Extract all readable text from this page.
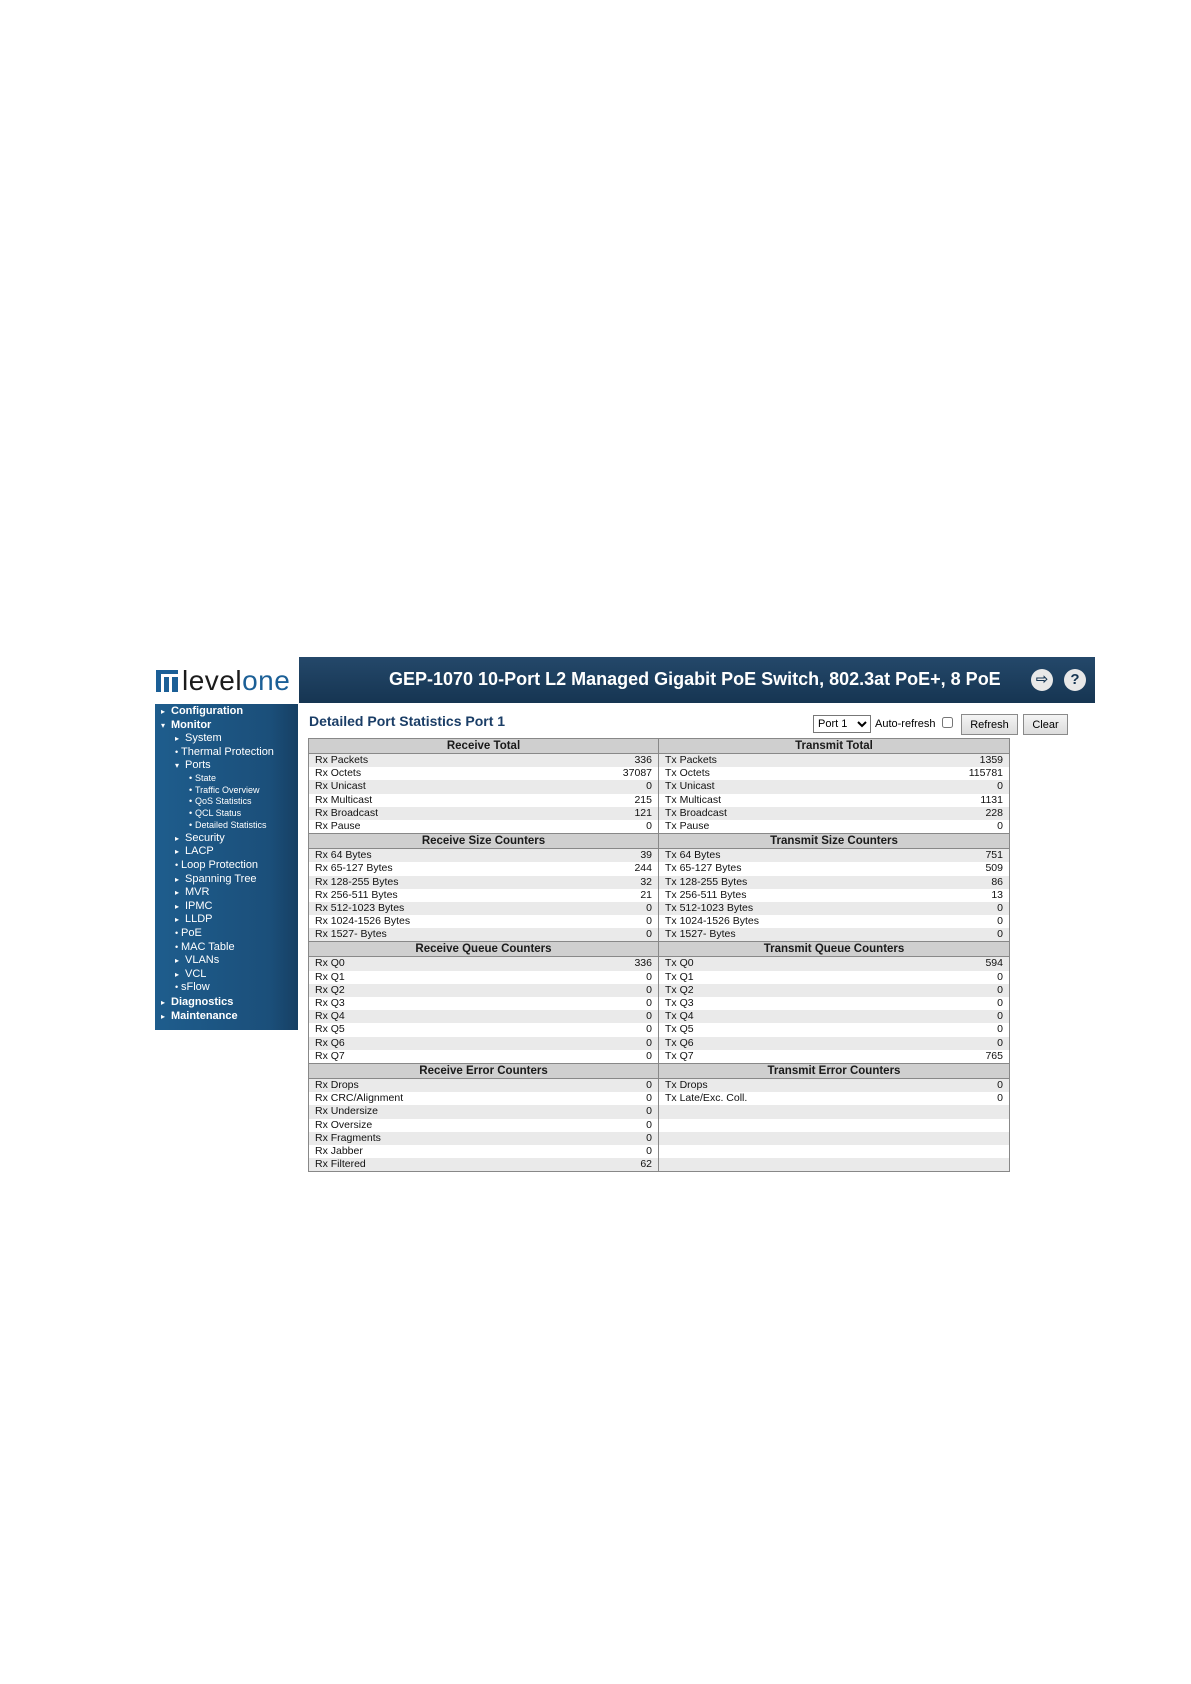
levelone	GEP-1070 10-Port L2 Managed Gigabit PoE Switch, 802.3at PoE+, 8 PoE	⇨	?
▸ Configuration
▾ Monitor
▸ System
• Thermal Protection
▾ Ports
• State
• Traffic Overview
• QoS Statistics
• QCL Status
• Detailed Statistics
▸ Security
▸ LACP
• Loop Protection
▸ Spanning Tree
▸ MVR
▸ IPMC
▸ LLDP
• PoE
• MAC Table
▸ VLANs
▸ VCL
• sFlow
▸ Diagnostics
▸ Maintenance
Detailed Port Statistics Port 1
Port 1	Auto-refresh	Refresh	Clear
Receive Total
Rx Packets	336
Rx Octets	37087
Rx Unicast	0
Rx Multicast	215
Rx Broadcast	121
Rx Pause	0
Transmit Total
Tx Packets	1359
Tx Octets	115781
Tx Unicast	0
Tx Multicast	1131
Tx Broadcast	228
Tx Pause	0
Receive Size Counters
Rx 64 Bytes	39
Rx 65-127 Bytes	244
Rx 128-255 Bytes	32
Rx 256-511 Bytes	21
Rx 512-1023 Bytes	0
Rx 1024-1526 Bytes	0
Rx 1527- Bytes	0
Transmit Size Counters
Tx 64 Bytes	751
Tx 65-127 Bytes	509
Tx 128-255 Bytes	86
Tx 256-511 Bytes	13
Tx 512-1023 Bytes	0
Tx 1024-1526 Bytes	0
Tx 1527- Bytes	0
Receive Queue Counters
Rx Q0	336
Rx Q1	0
Rx Q2	0
Rx Q3	0
Rx Q4	0
Rx Q5	0
Rx Q6	0
Rx Q7	0
Transmit Queue Counters
Tx Q0	594
Tx Q1	0
Tx Q2	0
Tx Q3	0
Tx Q4	0
Tx Q5	0
Tx Q6	0
Tx Q7	765
Receive Error Counters
Rx Drops	0
Rx CRC/Alignment	0
Rx Undersize	0
Rx Oversize	0
Rx Fragments	0
Rx Jabber	0
Rx Filtered	62
Transmit Error Counters
Tx Drops	0
Tx Late/Exc. Coll.	0
